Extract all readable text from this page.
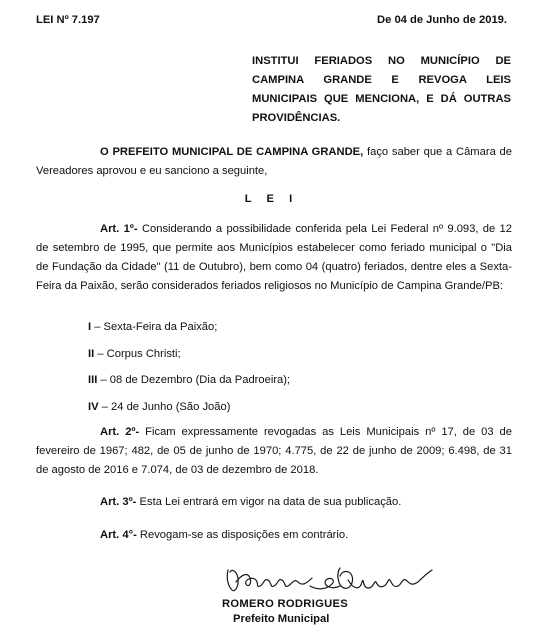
LEI Nº 7.197	De 04 de Junho de 2019.
INSTITUI FERIADOS NO MUNICÍPIO DE
CAMPINA GRANDE E REVOGA LEIS
MUNICIPAIS QUE MENCIONA, E DÁ OUTRAS
PROVIDÊNCIAS.
O PREFEITO MUNICIPAL DE CAMPINA GRANDE, faço saber que a Câmara de Vereadores aprovou e eu sanciono a seguinte,
L E I
Art. 1º- Considerando a possibilidade conferida pela Lei Federal nº 9.093, de 12 de setembro de 1995, que permite aos Municípios estabelecer como feriado municipal o "Dia de Fundação da Cidade" (11 de Outubro), bem como 04 (quatro) feriados, dentre eles a Sexta-Feira da Paixão, serão considerados feriados religiosos no Município de Campina Grande/PB:
I – Sexta-Feira da Paixão;
II – Corpus Christi;
III – 08 de Dezembro (Dia da Padroeira);
IV – 24 de Junho (São João)
Art. 2º- Ficam expressamente revogadas as Leis Municipais nº 17, de 03 de fevereiro de 1967; 482, de 05 de junho de 1970; 4.775, de 22 de junho de 2009; 6.498, de 31 de agosto de 2016 e 7.074, de 03 de dezembro de 2018.
Art. 3º- Esta Lei entrará em vigor na data de sua publicação.
Art. 4°- Revogam-se as disposições em contrário.
ROMERO RODRIGUES
Prefeito Municipal
